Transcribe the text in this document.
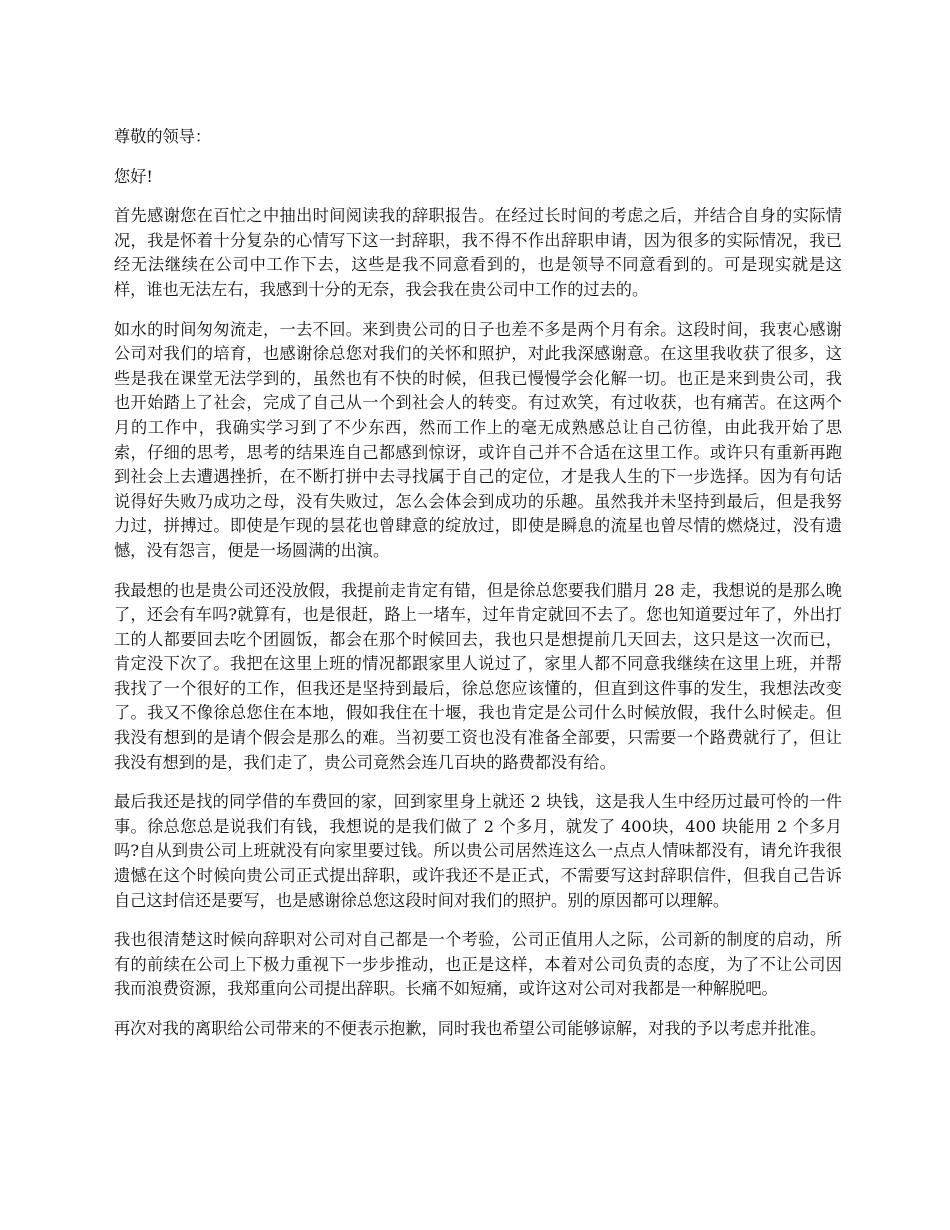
尊敬的领导：

您好!

首先感谢您在百忙之中抽出时间阅读我的辞职报告。在经过长时间的考虑之后，并结合自身的实际情况，我是怀着十分复杂的心情写下这一封辞职，我不得不作出辞职申请，因为很多的实际情况，我已经无法继续在公司中工作下去，这些是我不同意看到的，也是领导不同意看到的。可是现实就是这样，谁也无法左右，我感到十分的无奈，我会我在贵公司中工作的过去的。

如水的时间匆匆流走，一去不回。来到贵公司的日子也差不多是两个月有余。这段时间，我衷心感谢公司对我们的培育，也感谢徐总您对我们的关怀和照护，对此我深感谢意。在这里我收获了很多，这些是我在课堂无法学到的，虽然也有不快的时候，但我已慢慢学会化解一切。也正是来到贵公司，我也开始踏上了社会，完成了自己从一个到社会人的转变。有过欢笑，有过收获，也有痛苦。在这两个月的工作中，我确实学习到了不少东西，然而工作上的毫无成熟感总让自己彷徨，由此我开始了思索，仔细的思考，思考的结果连自己都感到惊讶，或许自己并不合适在这里工作。或许只有重新再跑到社会上去遭遇挫折，在不断打拼中去寻找属于自己的定位，才是我人生的下一步选择。因为有句话说得好失败乃成功之母，没有失败过，怎么会体会到成功的乐趣。虽然我并未坚持到最后，但是我努力过，拼搏过。即使是乍现的昙花也曾肆意的绽放过，即使是瞬息的流星也曾尽情的燃烧过，没有遗憾，没有怨言，便是一场圆满的出演。

我最想的也是贵公司还没放假，我提前走肯定有错，但是徐总您要我们腊月 28 走，我想说的是那么晚了，还会有车吗?就算有，也是很赶，路上一堵车，过年肯定就回不去了。您也知道要过年了，外出打工的人都要回去吃个团圆饭，都会在那个时候回去，我也只是想提前几天回去，这只是这一次而已，肯定没下次了。我把在这里上班的情况都跟家里人说过了，家里人都不同意我继续在这里上班，并帮我找了一个很好的工作，但我还是坚持到最后，徐总您应该懂的，但直到这件事的发生，我想法改变了。我又不像徐总您住在本地，假如我住在十堰，我也肯定是公司什么时候放假，我什么时候走。但我没有想到的是请个假会是那么的难。当初要工资也没有准备全部要，只需要一个路费就行了，但让我没有想到的是，我们走了，贵公司竟然会连几百块的路费都没有给。

最后我还是找的同学借的车费回的家，回到家里身上就还 2 块钱，这是我人生中经历过最可怜的一件事。徐总您总是说我们有钱，我想说的是我们做了 2 个多月，就发了 400块，400 块能用 2 个多月吗?自从到贵公司上班就没有向家里要过钱。所以贵公司居然连这么一点点人情味都没有，请允许我很遗憾在这个时候向贵公司正式提出辞职，或许我还不是正式，不需要写这封辞职信件，但我自己告诉自己这封信还是要写，也是感谢徐总您这段时间对我们的照护。别的原因都可以理解。

我也很清楚这时候向辞职对公司对自己都是一个考验，公司正值用人之际，公司新的制度的启动，所有的前续在公司上下极力重视下一步步推动，也正是这样，本着对公司负责的态度，为了不让公司因我而浪费资源，我郑重向公司提出辞职。长痛不如短痛，或许这对公司对我都是一种解脱吧。

再次对我的离职给公司带来的不便表示抱歉，同时我也希望公司能够谅解，对我的予以考虑并批准。
